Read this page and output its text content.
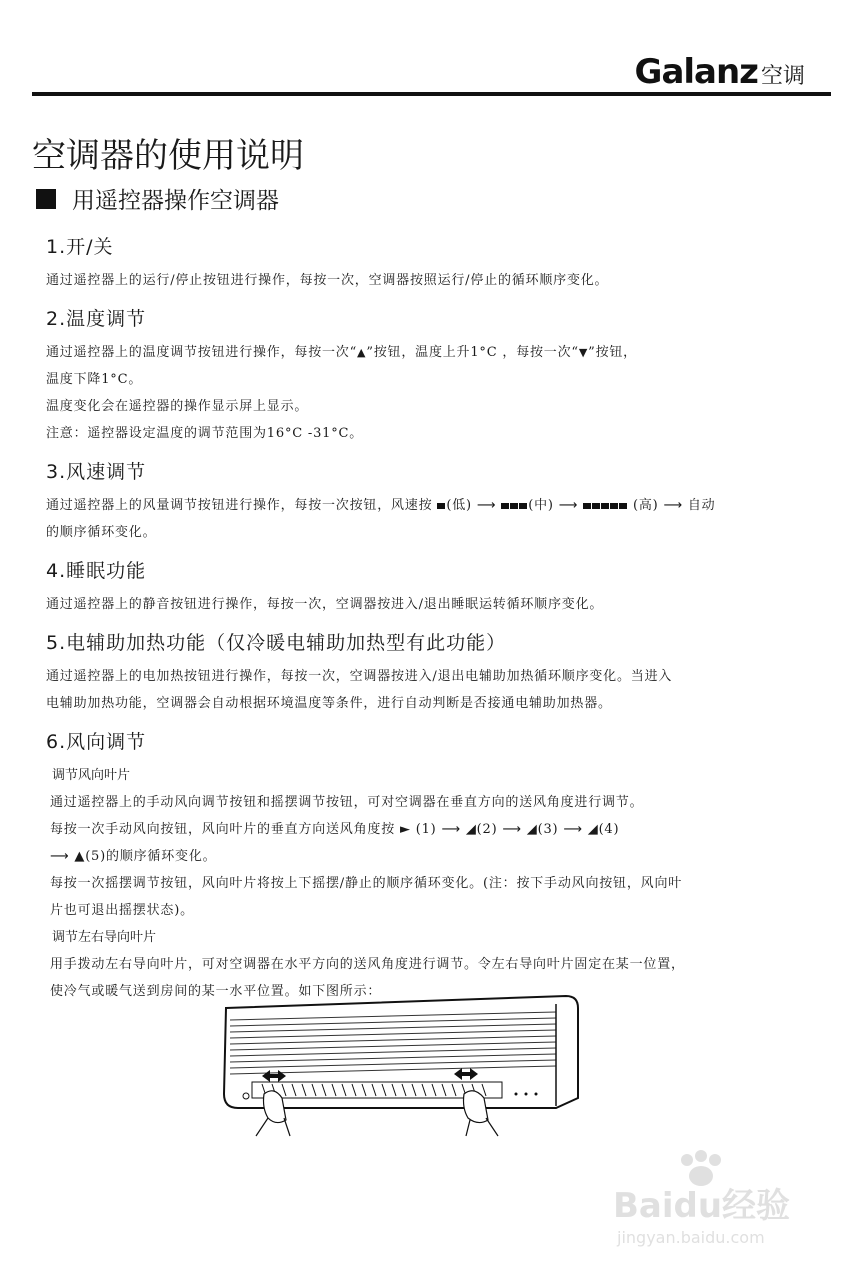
Galanz 空调
空调器的使用说明
用遥控器操作空调器
1.开/关

通过遥控器上的运行/停止按钮进行操作，每按一次，空调器按照运行/停止的循环顺序变化。

2.温度调节

通过遥控器上的温度调节按钮进行操作，每按一次“▲”按钮，温度上升1°C ，每按一次“▼”按钮，

温度下降1°C。

温度变化会在遥控器的操作显示屏上显示。

注意：遥控器设定温度的调节范围为16°C -31°C。

3.风速调节

通过遥控器上的风量调节按钮进行操作，每按一次按钮，风速按 (低) ⟶ (中) ⟶	(高) ⟶ 自动

的顺序循环变化。

4.睡眠功能

通过遥控器上的静音按钮进行操作，每按一次，空调器按进入/退出睡眠运转循环顺序变化。

5.电辅助加热功能（仅冷暖电辅助加热型有此功能）

通过遥控器上的电加热按钮进行操作，每按一次，空调器按进入/退出电辅助加热循环顺序变化。当进入

电辅助加热功能，空调器会自动根据环境温度等条件，进行自动判断是否接通电辅助加热器。

6.风向调节

调节风向叶片

通过遥控器上的手动风向调节按钮和摇摆调节按钮，可对空调器在垂直方向的送风角度进行调节。

每按一次手动风向按钮，风向叶片的垂直方向送风角度按 ► (1) ⟶ ◢(2) ⟶ ◢(3) ⟶ ◢(4)

⟶ ▲(5)的顺序循环变化。

每按一次摇摆调节按钮，风向叶片将按上下摇摆/静止的顺序循环变化。(注：按下手动风向按钮，风向叶

片也可退出摇摆状态)。

调节左右导向叶片

用手拨动左右导向叶片，可对空调器在水平方向的送风角度进行调节。令左右导向叶片固定在某一位置，

使冷气或暖气送到房间的某一水平位置。如下图所示：

Baidu经验
jingyan.baidu.com
